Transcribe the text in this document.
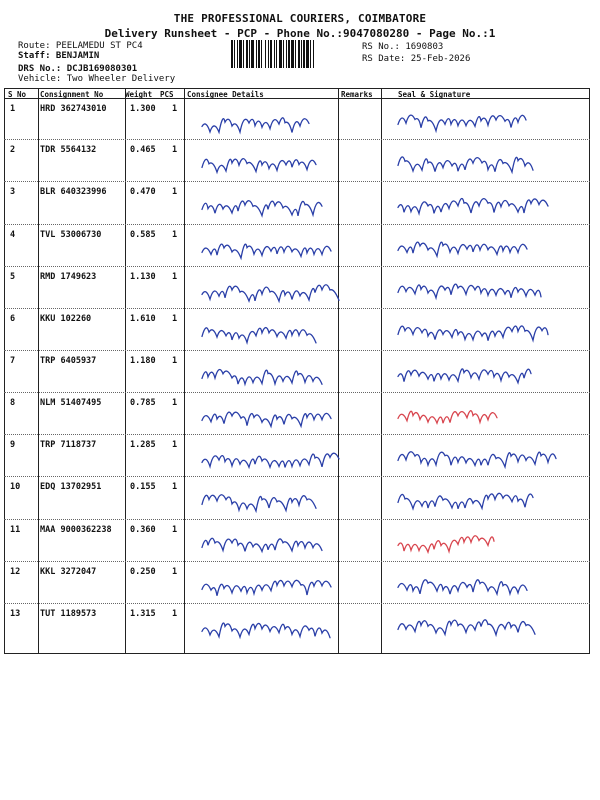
THE PROFESSIONAL COURIERS, COIMBATORE
Delivery Runsheet - PCP - Phone No.:9047080280 - Page No.:1
Route: PEELAMEDU ST PC4
Staff: BENJAMIN
DRS No.: DCJB169080301
Vehicle: Two Wheeler Delivery
RS No.: 1690803
RS Date: 25-Feb-2026
S No Consignment No	Weight PCS Consignee Details	Remarks	Seal & Signature
1	HRD 362743010	1.300 1
2	TDR 5564132	0.465 1
3	BLR 640323996	0.470 1
4	TVL 53006730	0.585 1
5	RMD 1749623	1.130 1
6	KKU 102260	1.610 1
7	TRP 6405937	1.180 1
8	NLM 51407495	0.785 1
9	TRP 7118737	1.285 1
10 EDQ 13702951	0.155 1
11 MAA 9000362238 0.360 1
12 KKL 3272047	0.250 1
13 TUT 1189573	1.315 1
